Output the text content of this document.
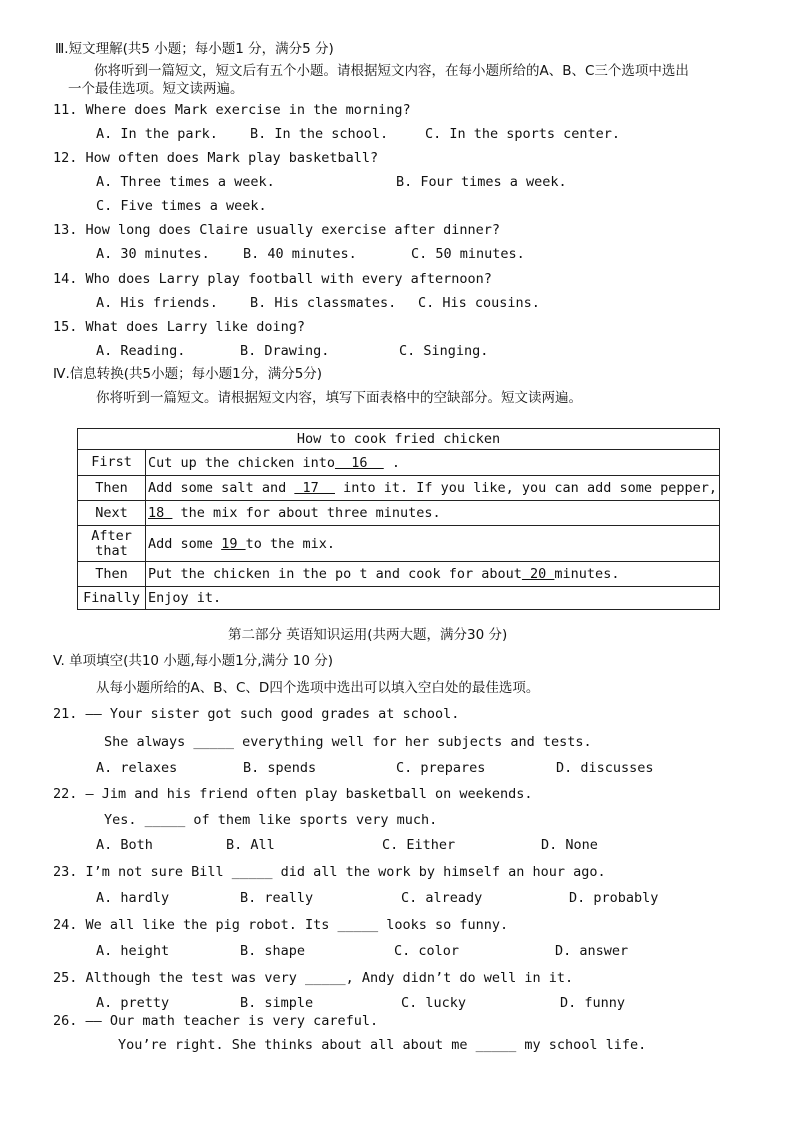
Ⅲ.短文理解(共5 小题；每小题1 分，满分5 分)
你将听到一篇短文，短文后有五个小题。请根据短文内容，在每小题所给的A、B、C三个选项中选出
一个最佳选项。短文读两遍。
11. Where does Mark exercise in the morning?
A. In the park. B. In the school.	C. In the sports center.
12. How often does Mark play basketball?
A. Three times a week.	B. Four times a week.
C. Five times a week.
13. How long does Claire usually exercise after dinner?
A. 30 minutes. B. 40 minutes.	C. 50 minutes.
14. Who does Larry play football with every afternoon?
A. His friends. B. His classmates. C. His cousins.
15. What does Larry like doing?
A. Reading.	B. Drawing.	C. Singing.
Ⅳ.信息转换(共5小题；每小题1分，满分5分)
你将听到一篇短文。请根据短文内容，填写下面表格中的空缺部分。短文读两遍。
How to cook fried chicken	
First	Cut up the chicken into  16   .
Then	Add some salt and  17   into it. If you like, you can add some pepper,
Next	18  the mix for about three minutes.
After that	Add some 19 to the mix.
Then	Put the chicken in the po t and cook for about 20 minutes.
Finally	Enjoy it.
第二部分 英语知识运用(共两大题，满分30 分)
V. 单项填空(共10 小题,每小题1分,满分 10 分)
从每小题所给的A、B、C、D四个选项中选出可以填入空白处的最佳选项。
21. —— Your sister got such good grades at school.
She always _____ everything well for her subjects and tests.
A. relaxes	B. spends	C. prepares	D. discusses
22. — Jim and his friend often play basketball on weekends.
Yes. _____ of them like sports very much.
A. Both	B. All	C. Either	D. None
23. I’m not sure Bill _____ did all the work by himself an hour ago.
A. hardly	B. really	C. already	D. probably
24. We all like the pig robot. Its _____ looks so funny.
A. height	B. shape	C. color	D. answer
25. Although the test was very _____, Andy didn’t do well in it.
A. pretty	B. simple	C. lucky	D. funny
26. —— Our math teacher is very careful.
You’re right. She thinks about all about me _____ my school life.
